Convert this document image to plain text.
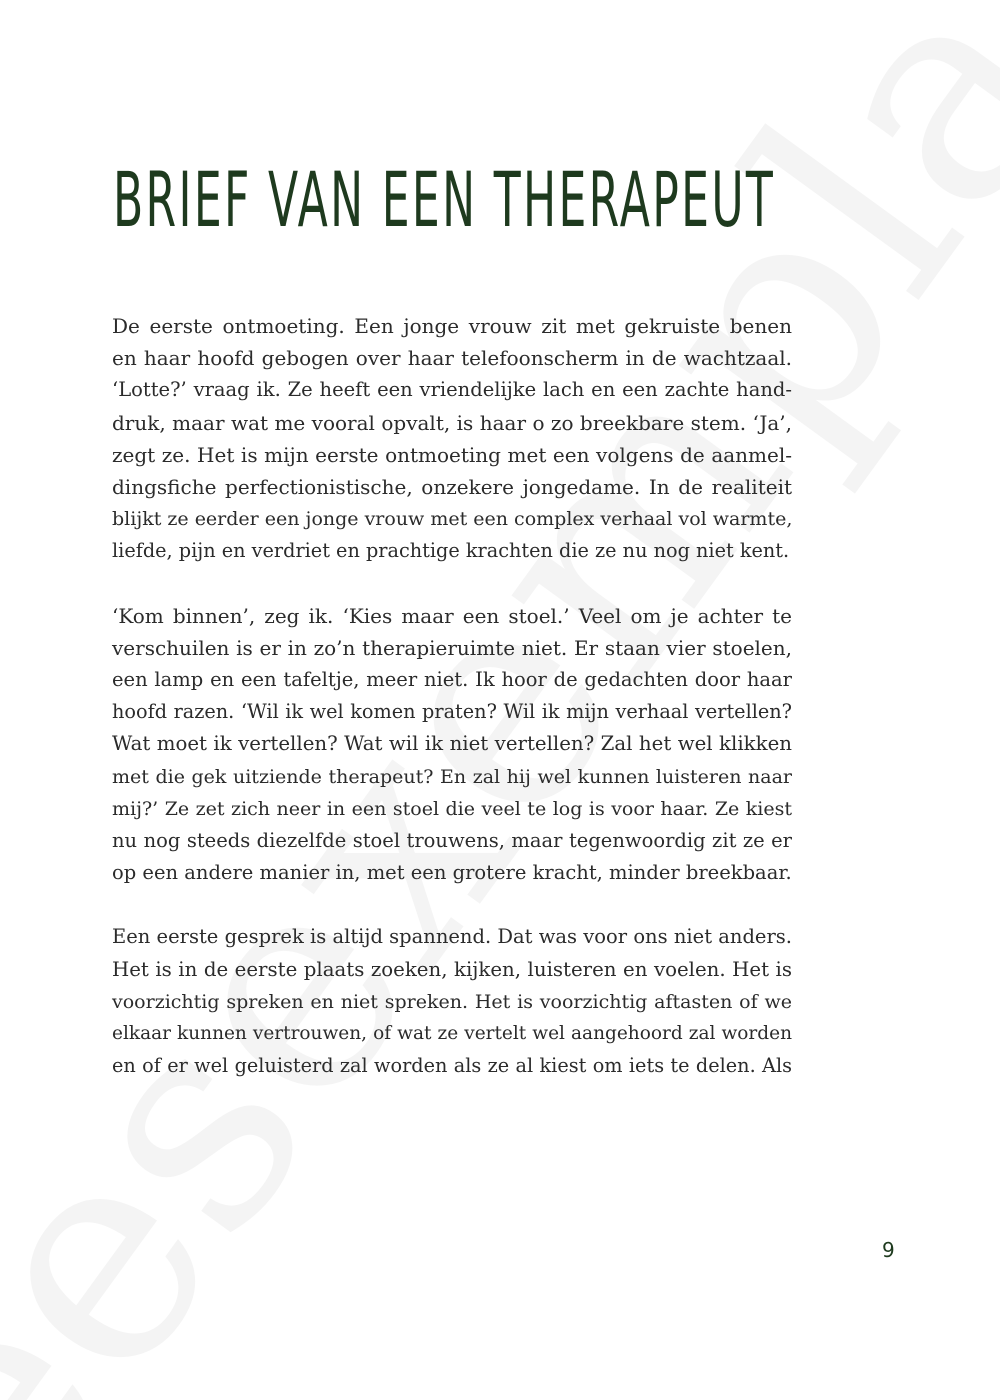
BRIEF VAN EEN THERAPEUT

De eerste ontmoeting. Een jonge vrouw zit met gekruiste benen
en haar hoofd gebogen over haar telefoonscherm in de wachtzaal.
‘Lotte?’ vraag ik. Ze heeft een vriendelijke lach en een zachte hand-
druk, maar wat me vooral opvalt, is haar o zo breekbare stem. ‘Ja’,
zegt ze. Het is mijn eerste ontmoeting met een volgens de aanmel-
dingsfiche perfectionistische, onzekere jongedame. In de realiteit
blijkt ze eerder een jonge vrouw met een complex verhaal vol warmte,
liefde, pijn en verdriet en prachtige krachten die ze nu nog niet kent.

‘Kom binnen’, zeg ik. ‘Kies maar een stoel.’ Veel om je achter te
verschuilen is er in zo’n therapieruimte niet. Er staan vier stoelen,
een lamp en een tafeltje, meer niet. Ik hoor de gedachten door haar
hoofd razen. ‘Wil ik wel komen praten? Wil ik mijn verhaal vertellen?
Wat moet ik vertellen? Wat wil ik niet vertellen? Zal het wel klikken
met die gek uitziende therapeut? En zal hij wel kunnen luisteren naar
mij?’ Ze zet zich neer in een stoel die veel te log is voor haar. Ze kiest
nu nog steeds diezelfde stoel trouwens, maar tegenwoordig zit ze er
op een andere manier in, met een grotere kracht, minder breekbaar.

Een eerste gesprek is altijd spannend. Dat was voor ons niet anders.
Het is in de eerste plaats zoeken, kijken, luisteren en voelen. Het is
voorzichtig spreken en niet spreken. Het is voorzichtig aftasten of we
elkaar kunnen vertrouwen, of wat ze vertelt wel aangehoord zal worden
en of er wel geluisterd zal worden als ze al kiest om iets te delen. Als

9
